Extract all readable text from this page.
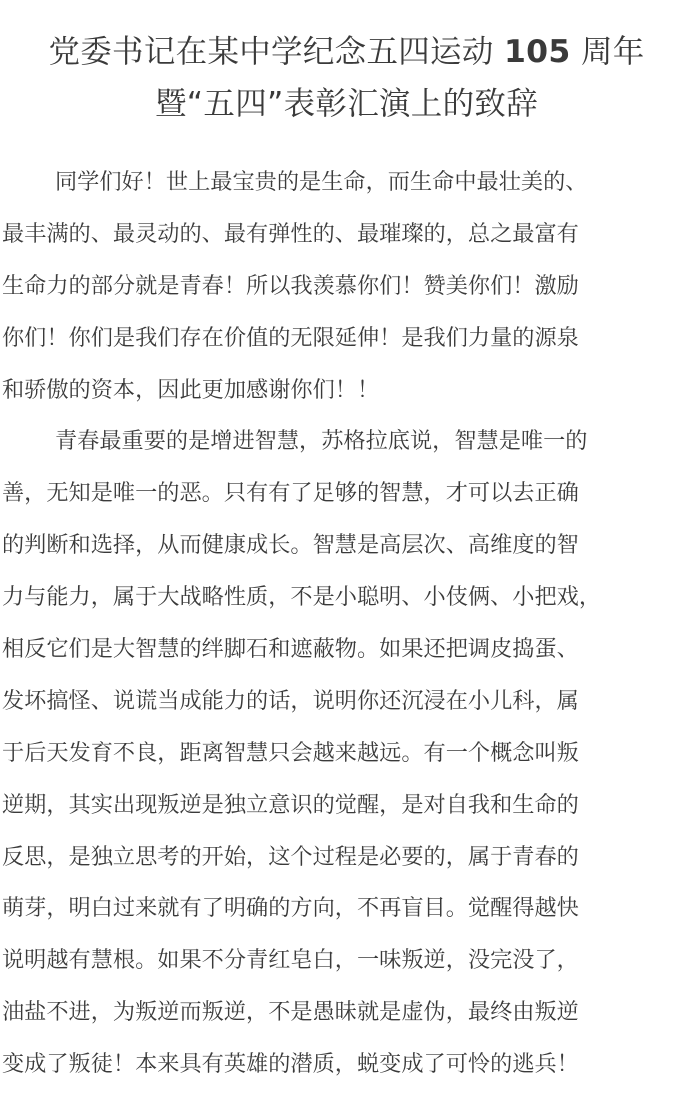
党委书记在某中学纪念五四运动 105 周年
暨“五四”表彰汇演上的致辞
同学们好！世上最宝贵的是生命，而生命中最壮美的、
最丰满的、最灵动的、最有弹性的、最璀璨的，总之最富有
生命力的部分就是青春！所以我羡慕你们！赞美你们！激励
你们！你们是我们存在价值的无限延伸！是我们力量的源泉
和骄傲的资本，因此更加感谢你们！！
青春最重要的是增进智慧，苏格拉底说，智慧是唯一的
善，无知是唯一的恶。只有有了足够的智慧，才可以去正确
的判断和选择，从而健康成长。智慧是高层次、高维度的智
力与能力，属于大战略性质，不是小聪明、小伎俩、小把戏，
相反它们是大智慧的绊脚石和遮蔽物。如果还把调皮捣蛋、
发坏搞怪、说谎当成能力的话，说明你还沉浸在小儿科，属
于后天发育不良，距离智慧只会越来越远。有一个概念叫叛
逆期，其实出现叛逆是独立意识的觉醒，是对自我和生命的
反思，是独立思考的开始，这个过程是必要的，属于青春的
萌芽，明白过来就有了明确的方向，不再盲目。觉醒得越快
说明越有慧根。如果不分青红皂白，一味叛逆，没完没了，
油盐不进，为叛逆而叛逆，不是愚昧就是虚伪，最终由叛逆
变成了叛徒！本来具有英雄的潜质，蜕变成了可怜的逃兵！
